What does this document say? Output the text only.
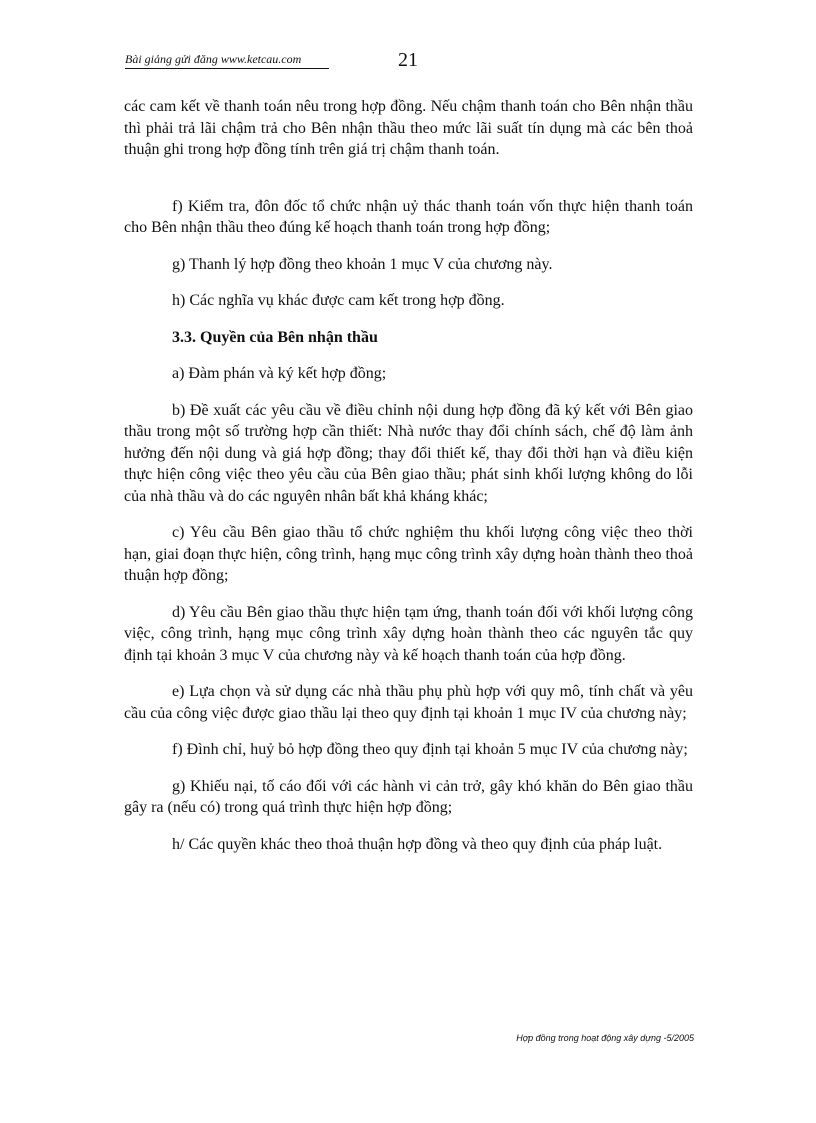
Bài giảng gửi đăng www.ketcau.com	21

các cam kết về thanh toán nêu trong hợp đồng. Nếu chậm thanh toán cho Bên nhận thầu thì phải trả lãi chậm trả cho Bên nhận thầu theo mức lãi suất tín dụng mà các bên thoả thuận ghi trong hợp đồng tính trên giá trị chậm thanh toán.

f) Kiểm tra, đôn đốc tổ chức nhận uỷ thác thanh toán vốn thực hiện thanh toán cho Bên nhận thầu theo đúng kế hoạch thanh toán trong hợp đồng;

g) Thanh lý hợp đồng theo khoản 1 mục V của chương này.

h) Các nghĩa vụ khác được cam kết trong hợp đồng.

3.3. Quyền của Bên nhận thầu

a) Đàm phán và ký kết hợp đồng;

b) Đề xuất các yêu cầu về điều chỉnh nội dung hợp đồng đã ký kết với Bên giao thầu trong một số trường hợp cần thiết: Nhà nước thay đổi chính sách, chế độ làm ảnh hưởng đến nội dung và giá hợp đồng; thay đổi thiết kế, thay đổi thời hạn và điều kiện thực hiện công việc theo yêu cầu của Bên giao thầu; phát sinh khối lượng không do lỗi của nhà thầu và do các nguyên nhân bất khả kháng khác;

c) Yêu cầu Bên giao thầu tổ chức nghiệm thu khối lượng công việc theo thời hạn, giai đoạn thực hiện, công trình, hạng mục công trình xây dựng hoàn thành theo thoả thuận hợp đồng;

d) Yêu cầu Bên giao thầu thực hiện tạm ứng, thanh toán đối với khối lượng công việc, công trình, hạng mục công trình xây dựng hoàn thành theo các nguyên tắc quy định tại khoản 3 mục V của chương này và kế hoạch thanh toán của hợp đồng.

e) Lựa chọn và sử dụng các nhà thầu phụ phù hợp với quy mô, tính chất và yêu cầu của công việc được giao thầu lại theo quy định tại khoản 1 mục IV của chương này;

f) Đình chỉ, huỷ bỏ hợp đồng theo quy định tại khoản 5 mục IV của chương này;

g) Khiếu nại, tố cáo đối với các hành vi cản trở, gây khó khăn do Bên giao thầu gây ra (nếu có) trong quá trình thực hiện hợp đồng;

h/ Các quyền khác theo thoả thuận hợp đồng và theo quy định của pháp luật.

Hợp đồng trong hoạt động xây dựng -5/2005
